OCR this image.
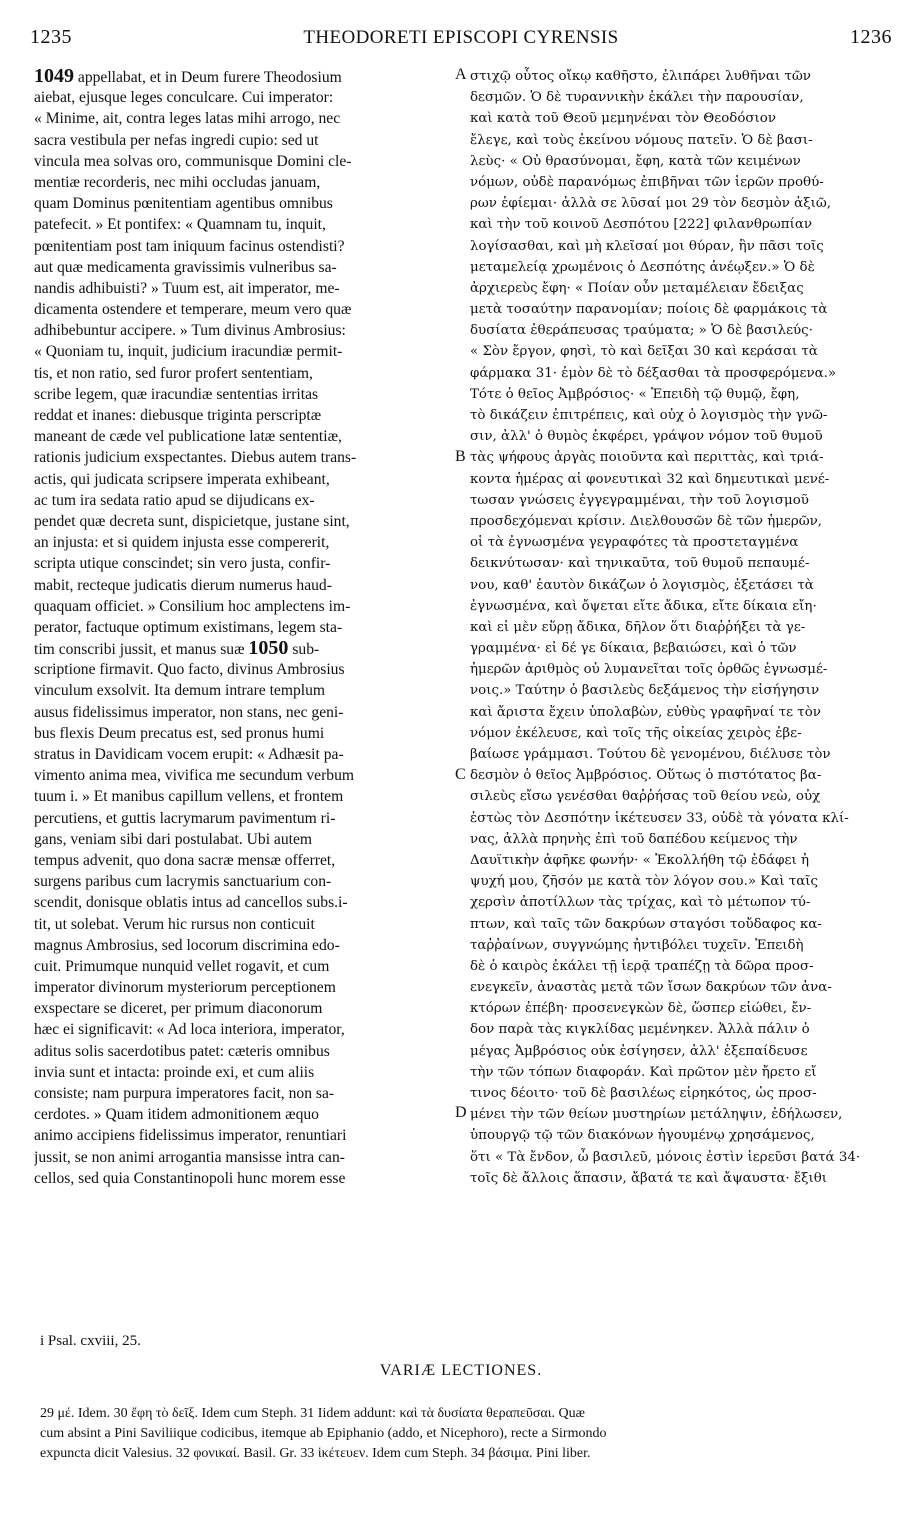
1235	THEODORETI EPISCOPI CYRENSIS	1236
1049 appellabat, et in Deum furere Theodosium
aiebat, ejusque leges conculcare. Cui imperator:
« Minime, ait, contra leges latas mihi arrogo, nec
sacra vestibula per nefas ingredi cupio: sed ut
vincula mea solvas oro, communisque Domini cle-
mentiæ recorderis, nec mihi occludas januam,
quam Dominus pœnitentiam agentibus omnibus
patefecit. » Et pontifex: « Quamnam tu, inquit,
pœnitentiam post tam iniquum facinus ostendisti?
aut quæ medicamenta gravissimis vulneribus sa-
nandis adhibuisti? » Tuum est, ait imperator, me-
dicamenta ostendere et temperare, meum vero quæ
adhibebuntur accipere. » Tum divinus Ambrosius:
« Quoniam tu, inquit, judicium iracundiæ permit-
tis, et non ratio, sed furor profert sententiam,
scribe legem, quæ iracundiæ sententias irritas
reddat et inanes: diebusque triginta perscriptæ
maneant de cæde vel publicatione latæ sententiæ,
rationis judicium exspectantes. Diebus autem trans-
actis, qui judicata scripsere imperata exhibeant,
ac tum ira sedata ratio apud se dijudicans ex-
pendet quæ decreta sunt, dispicietque, justane sint,
an injusta: et si quidem injusta esse compererit,
scripta utique conscindet; sin vero justa, confir-
mabit, recteque judicatis dierum numerus haud-
quaquam officiet. » Consilium hoc amplectens im-
perator, factuque optimum existimans, legem sta-
tim conscribi jussit, et manus suæ 1050 sub-
scriptione firmavit. Quo facto, divinus Ambrosius
vinculum exsolvit. Ita demum intrare templum
ausus fidelissimus imperator, non stans, nec geni-
bus flexis Deum precatus est, sed pronus humi
stratus in Davidicam vocem erupit: « Adhæsit pa-
vimento anima mea, vivifica me secundum verbum
tuum i. » Et manibus capillum vellens, et frontem
percutiens, et guttis lacrymarum pavimentum ri-
gans, veniam sibi dari postulabat. Ubi autem
tempus advenit, quo dona sacræ mensæ offerret,
surgens paribus cum lacrymis sanctuarium con-
scendit, donisque oblatis intus ad cancellos subs.i-
tit, ut solebat. Verum hic rursus non conticuit
magnus Ambrosius, sed locorum discrimina edo-
cuit. Primumque nunquid vellet rogavit, et cum
imperator divinorum mysteriorum perceptionem
exspectare se diceret, per primum diaconorum
hæc ei significavit: « Ad loca interiora, imperator,
aditus solis sacerdotibus patet: cæteris omnibus
invia sunt et intacta: proinde exi, et cum aliis
consiste; nam purpura imperatores facit, non sa-
cerdotes. » Quam itidem admonitionem æquo
animo accipiens fidelissimus imperator, renuntiari
jussit, se non animi arrogantia mansisse intra can-
cellos, sed quia Constantinopoli hunc morem esse
A
B
C
D
στιχῷ οὗτος οἴκῳ καθῆστο, ἐλιπάρει λυθῆναι τῶν
δεσμῶν. Ὁ δὲ τυραννικὴν ἐκάλει τὴν παρουσίαν,
καὶ κατὰ τοῦ Θεοῦ μεμηνέναι τὸν Θεοδόσιον
ἔλεγε, καὶ τοὺς ἐκείνου νόμους πατεῖν. Ὁ δὲ βασι-
λεὺς· « Οὐ θρασύνομαι, ἔφη, κατὰ τῶν κειμένων
νόμων, οὐδὲ παρανόμως ἐπιβῆναι τῶν ἱερῶν προθύ-
ρων ἐφίεμαι· ἀλλὰ σε λῦσαί μοι 29 τὸν δεσμὸν ἀξιῶ,
καὶ τὴν τοῦ κοινοῦ Δεσπότου [222] φιλανθρωπίαν
λογίσασθαι, καὶ μὴ κλεῖσαί μοι θύραν, ἣν πᾶσι τοῖς
μεταμελείᾳ χρωμένοις ὁ Δεσπότης ἀνέῳξεν.» Ὁ δὲ
ἀρχιερεὺς ἔφη· « Ποίαν οὖν μεταμέλειαν ἔδειξας
μετὰ τοσαύτην παρανομίαν; ποίοις δὲ φαρμάκοις τὰ
δυσίατα ἐθεράπευσας τραύματα; » Ὁ δὲ βασιλεύς·
« Σὸν ἔργον, φησὶ, τὸ καὶ δεῖξαι 30 καὶ κεράσαι τὰ
φάρμακα 31· ἐμὸν δὲ τὸ δέξασθαι τὰ προσφερόμενα.»
Τότε ὁ θεῖος Ἀμβρόσιος· « Ἐπειδὴ τῷ θυμῷ, ἔφη,
τὸ δικάζειν ἐπιτρέπεις, καὶ οὐχ ὁ λογισμὸς τὴν γνῶ-
σιν, ἀλλ' ὁ θυμὸς ἐκφέρει, γράψον νόμον τοῦ θυμοῦ
τὰς ψήφους ἀργὰς ποιοῦντα καὶ περιττὰς, καὶ τριά-
κοντα ἡμέρας αἱ φονευτικαὶ 32 καὶ δημευτικαὶ μενέ-
τωσαν γνώσεις ἐγγεγραμμέναι, τὴν τοῦ λογισμοῦ
προσδεχόμεναι κρίσιν. Διελθουσῶν δὲ τῶν ἡμερῶν,
οἱ τὰ ἐγνωσμένα γεγραφότες τὰ προστεταγμένα
δεικνύτωσαν· καὶ τηνικαῦτα, τοῦ θυμοῦ πεπαυμέ-
νου, καθ' ἑαυτὸν δικάζων ὁ λογισμὸς, ἐξετάσει τὰ
ἐγνωσμένα, καὶ ὄψεται εἴτε ἄδικα, εἴτε δίκαια εἴη·
καὶ εἰ μὲν εὕρῃ ἄδικα, δῆλον ὅτι διαῤῥήξει τὰ γε-
γραμμένα· εἰ δέ γε δίκαια, βεβαιώσει, καὶ ὁ τῶν
ἡμερῶν ἀριθμὸς οὐ λυμανεῖται τοῖς ὀρθῶς ἐγνωσμέ-
νοις.» Ταύτην ὁ βασιλεὺς δεξάμενος τὴν εἰσήγησιν
καὶ ἄριστα ἔχειν ὑπολαβὼν, εὐθὺς γραφῆναί τε τὸν
νόμον ἐκέλευσε, καὶ τοῖς τῆς οἰκείας χειρὸς ἐβε-
βαίωσε γράμμασι. Τούτου δὲ γενομένου, διέλυσε τὸν
δεσμὸν ὁ θεῖος Ἀμβρόσιος. Οὕτως ὁ πιστότατος βα-
σιλεὺς εἴσω γενέσθαι θαῤῥήσας τοῦ θείου νεὼ, οὐχ
ἑστὼς τὸν Δεσπότην ἱκέτευσεν 33, οὐδὲ τὰ γόνατα κλί-
νας, ἀλλὰ πρηνὴς ἐπὶ τοῦ δαπέδου κείμενος τὴν
Δαυϊτικὴν ἀφῆκε φωνήν· « Ἐκολλήθη τῷ ἐδάφει ἡ
ψυχή μου, ζῆσόν με κατὰ τὸν λόγον σου.» Καὶ ταῖς
χερσὶν ἀποτίλλων τὰς τρίχας, καὶ τὸ μέτωπον τύ-
πτων, καὶ ταῖς τῶν δακρύων σταγόσι τοὔδαφος κα-
ταῤῥαίνων, συγγνώμης ἠντιβόλει τυχεῖν. Ἐπειδὴ
δὲ ὁ καιρὸς ἐκάλει τῇ ἱερᾷ τραπέζῃ τὰ δῶρα προσ-
ενεγκεῖν, ἀναστὰς μετὰ τῶν ἴσων δακρύων τῶν ἀνα-
κτόρων ἐπέβη· προσενεγκὼν δὲ, ὥσπερ εἰώθει, ἔν-
δον παρὰ τὰς κιγκλίδας μεμένηκεν. Ἀλλὰ πάλιν ὁ
μέγας Ἀμβρόσιος οὐκ ἐσίγησεν, ἀλλ' ἐξεπαίδευσε
τὴν τῶν τόπων διαφοράν. Καὶ πρῶτον μὲν ἤρετο εἴ
τινος δέοιτο· τοῦ δὲ βασιλέως εἰρηκότος, ὡς προσ-
μένει τὴν τῶν θείων μυστηρίων μετάληψιν, ἐδήλωσεν,
ὑπουργῷ τῷ τῶν διακόνων ἡγουμένῳ χρησάμενος,
ὅτι « Τὰ ἔνδον, ὦ βασιλεῦ, μόνοις ἐστὶν ἱερεῦσι βατά 34·
τοῖς δὲ ἄλλοις ἅπασιν, ἄβατά τε καὶ ἄψαυστα· ἔξιθι
i Psal. cxviii, 25.
VARIÆ LECTIONES.
29 μέ. Idem. 30 ἔφη τὸ δεῖξ. Idem cum Steph. 31 Iidem addunt: καὶ τὰ δυσίατα θεραπεῦσαι. Quæ
cum absint a Pini Saviliique codicibus, itemque ab Epiphanio (addo, et Nicephoro), recte a Sirmondo
expuncta dicit Valesius. 32 φονικαί. Basil. Gr. 33 ἱκέτευεν. Idem cum Steph. 34 βάσιμα. Pini liber.
